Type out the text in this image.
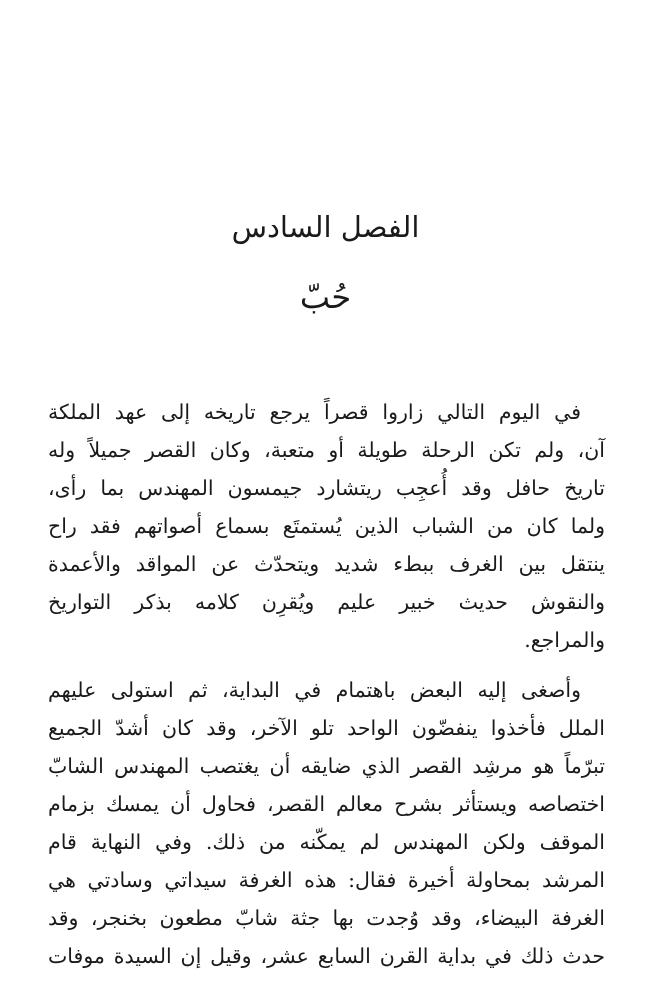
الفصل السادس
حُبّ

في اليوم التالي زاروا قصراً يرجع تاريخه إلى عهد الملكة
آن، ولم تكن الرحلة طويلة أو متعبة، وكان القصر جميلاً وله
تاريخ حافل وقد أُعجِب ريتشارد جيمسون المهندس بما رأى،
ولما كان من الشباب الذين يُستمتَع بسماع أصواتهم فقد راح
ينتقل بين الغرف ببطء شديد ويتحدّث عن المواقد والأعمدة
والنقوش حديث خبير عليم ويُقرِن كلامه بذكر التواريخ
والمراجع.

وأصغى إليه البعض باهتمام في البداية، ثم استولى عليهم
الملل فأخذوا ينفضّون الواحد تلو الآخر، وقد كان أشدّ الجميع
تبرّماً هو مرشِد القصر الذي ضايقه أن يغتصب المهندس الشابّ
اختصاصه ويستأثر بشرح معالم القصر، فحاول أن يمسك بزمام
الموقف ولكن المهندس لم يمكّنه من ذلك. وفي النهاية قام
المرشد بمحاولة أخيرة فقال: هذه الغرفة سيداتي وسادتي هي
الغرفة البيضاء، وقد وُجدت بها جثة شابّ مطعون بخنجر، وقد
حدث ذلك في بداية القرن السابع عشر، وقيل إن السيدة موفات
